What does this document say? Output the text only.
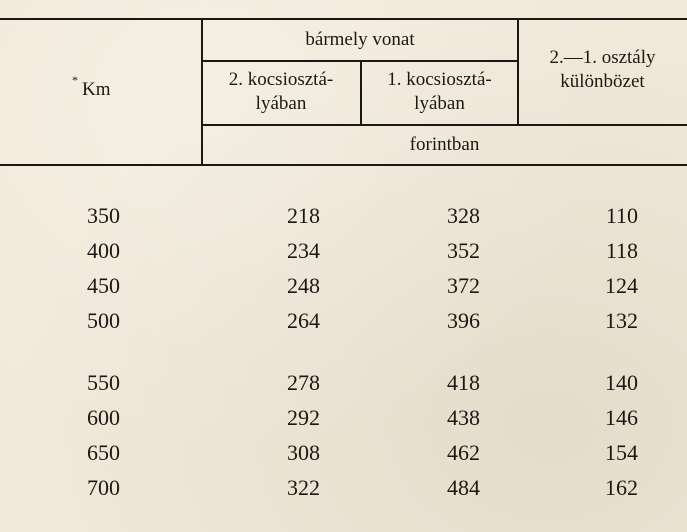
* Km
bármely vonat
2. kocsiosztá-
lyában
1. kocsiosztá-
lyában
2.—1. osztály
különbözet
forintban
350	218	328	110
400	234	352	118
450	248	372	124
500	264	396	132
550	278	418	140
600	292	438	146
650	308	462	154
700	322	484	162
